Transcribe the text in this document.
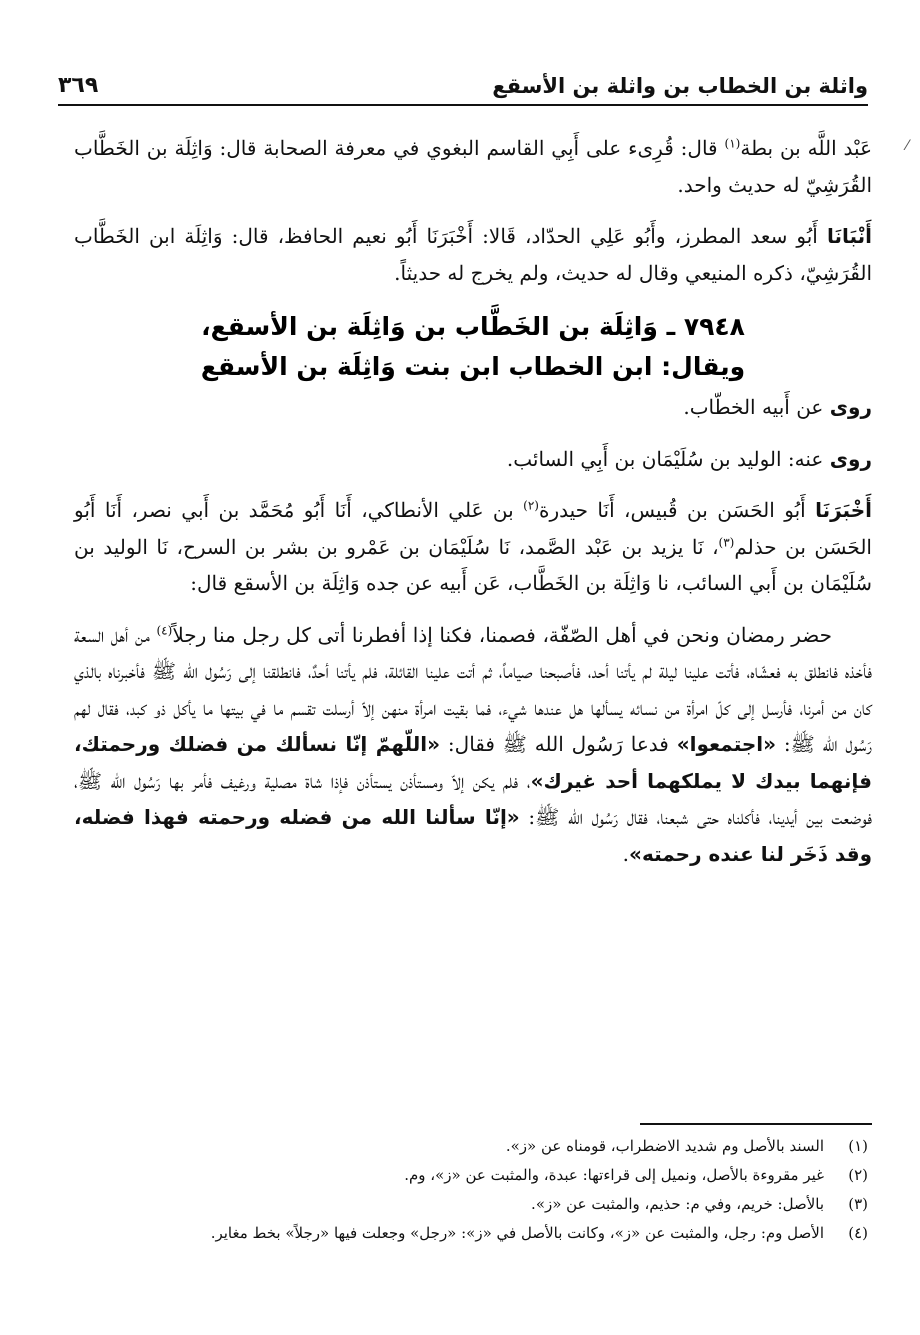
واثلة بن الخطاب بن واثلة بن الأسقع
٣٦٩
⁄

عَبْد اللَّه بن بطة$^{(١)}$ قال: قُرِىء على أَبِي القاسم البغوي في معرفة الصحابة قال: وَاثِلَة بن الخَطَّاب القُرَشِيّ له حديث واحد.

أَنْبَانَا أَبُو سعد المطرز، وأَبُو عَلِي الحدّاد، قَالا: أَخْبَرَنَا أَبُو نعيم الحافظ، قال: وَاثِلَة ابن الخَطَّاب القُرَشِيّ، ذكره المنيعي وقال له حديث، ولم يخرج له حديثاً.

٧٩٤٨ ـ وَاثِلَة بن الخَطَّاب بن وَاثِلَة بن الأسقع،
ويقال: ابن الخطاب ابن بنت وَاثِلَة بن الأسقع

روى عن أَبيه الخطّاب.

روى عنه: الوليد بن سُلَيْمَان بن أَبِي السائب.

أَخْبَرَنَا أَبُو الحَسَن بن قُبيس، أَنَا حيدرة$^{(٢)}$ بن عَلي الأنطاكي، أَنَا أَبُو مُحَمَّد بن أَبي نصر، أَنَا أَبُو الحَسَن بن حذلم$^{(٣)}$، نَا يزيد بن عَبْد الصَّمد، نَا سُلَيْمَان بن عَمْرو بن بشر بن السرح، نَا الوليد بن سُلَيْمَان بن أَبي السائب، نا وَاثِلَة بن الخَطَّاب، عَن أَبيه عن جده وَاثِلَة بن الأسقع قال:

حضر رمضان ونحن في أهل الصّفّة، فصمنا، فكنا إذا أفطرنا أتى كل رجل منا رجلاً$^{(٤)}$ من أهل السعة فأخذه فانطلق به فعشّاه، فأتت علينا ليلة لم يأتنا أحد، فأصبحنا صياماً، ثم أتت علينا القائلة، فلم يأتنا أحدٌ، فانطلقنا إلى رَسُول الله ﷺ فأخبرناه بالذي كان من أمرنا، فأرسل إلى كلّ امرأة من نسائه يسألها هل عندها شيء، فما بقيت امرأة منهن إلاّ أرسلت تقسم ما في بيتها ما يأكل ذو كبد، فقال لهم رَسُول الله ﷺ: «اجتمعوا» فدعا رَسُول الله ﷺ فقال: «اللّهمّ إنّا نسألك من فضلك ورحمتك، فإنهما بيدك لا يملكهما أحد غيرك»، فلم يكن إلاّ ومستأذن يستأذن فإذا شاة مصلية ورغيف فأمر بها رَسُول الله ﷺ، فوضعت بين أيدينا، فأكلناه حتى شبعنا، فقال رَسُول الله ﷺ: «إنّا سألنا الله من فضله ورحمته فهذا فضله، وقد ذَخَر لنا عنده رحمته».

(١)
السند بالأصل وم شديد الاضطراب، قومناه عن «ز».
(٢)
غير مقروءة بالأصل، ونميل إلى قراءتها: عبدة، والمثبت عن «ز»، وم.
(٣)
بالأصل: خريم، وفي م: حذيم، والمثبت عن «ز».
(٤)
الأصل وم: رجل، والمثبت عن «ز»، وكانت بالأصل في «ز»: «رجل» وجعلت فيها «رجلاً» بخط مغاير.
